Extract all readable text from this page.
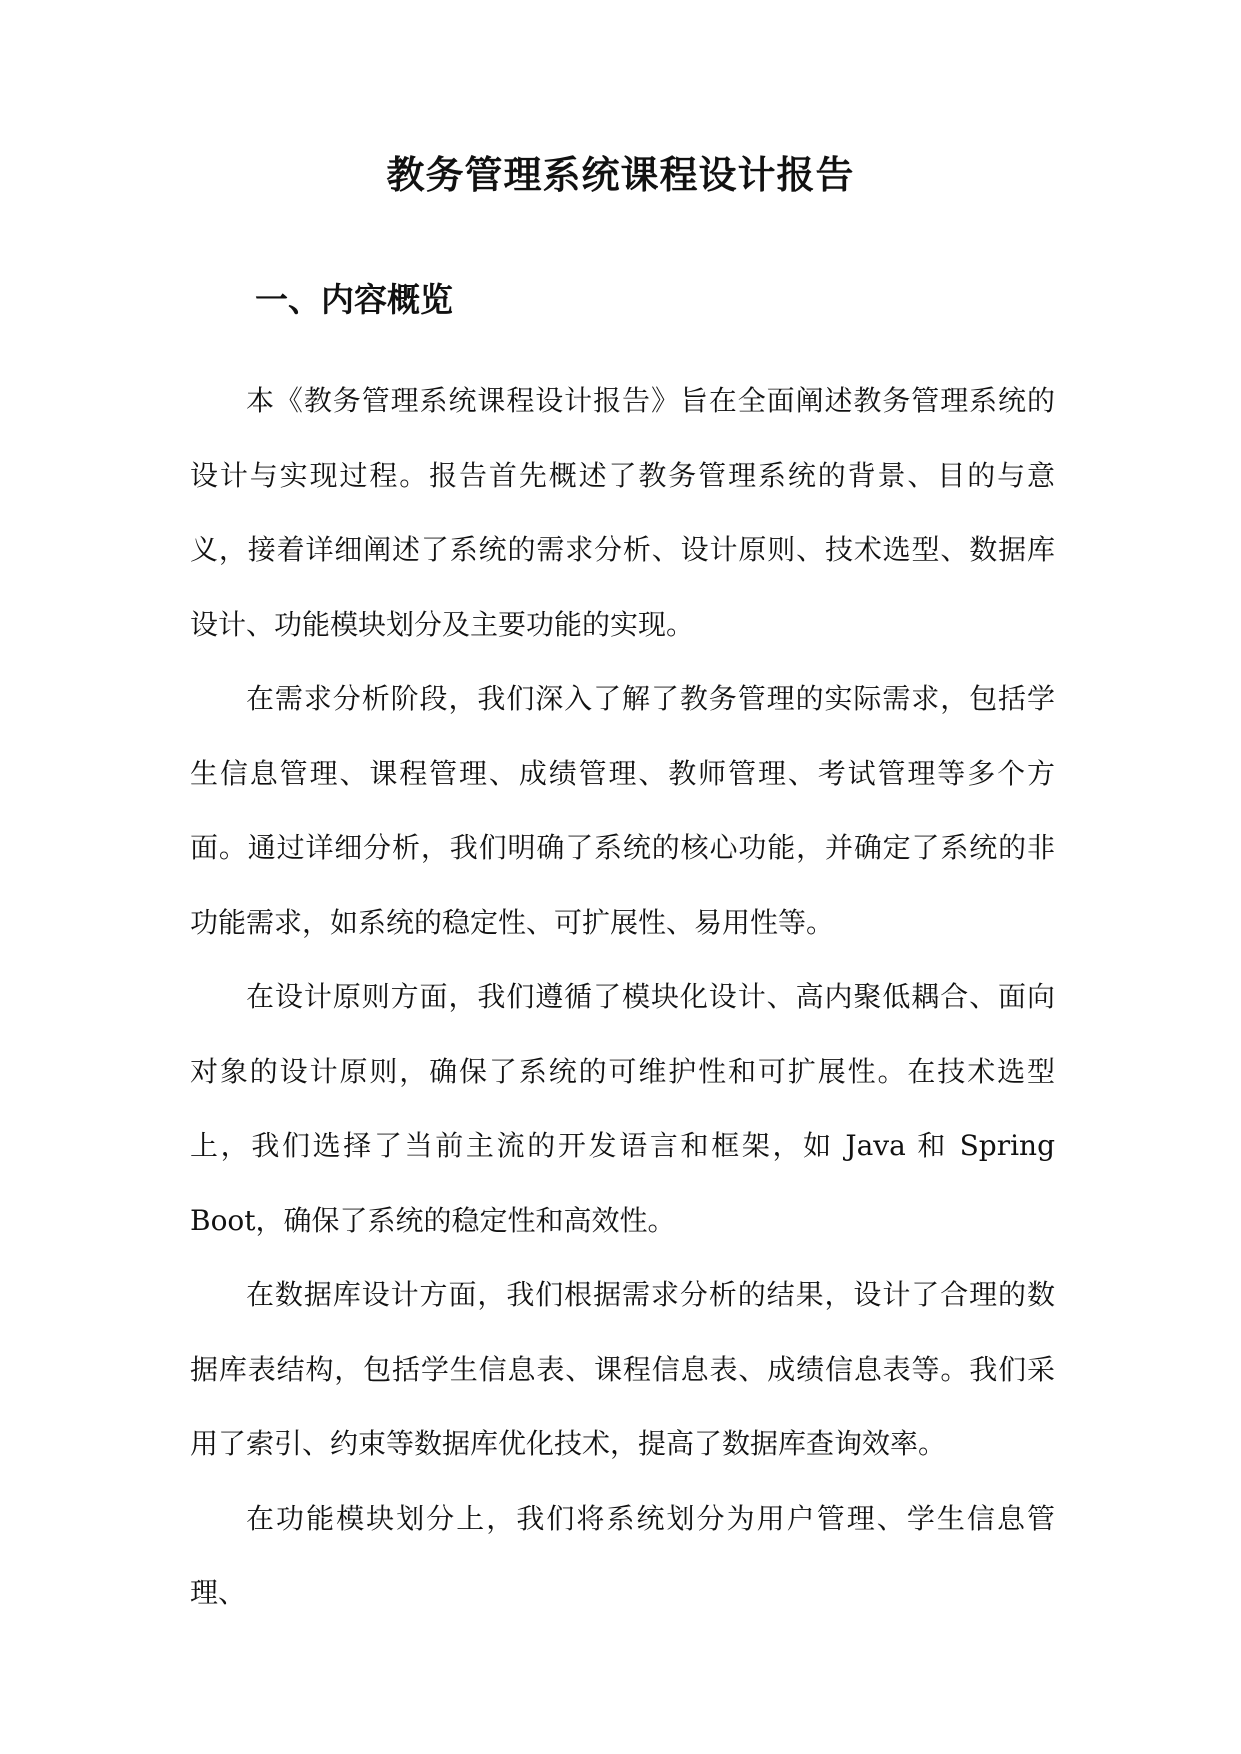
教务管理系统课程设计报告
一、内容概览

本《教务管理系统课程设计报告》旨在全面阐述教务管理系统的设计与实现过程。报告首先概述了教务管理系统的背景、目的与意义，接着详细阐述了系统的需求分析、设计原则、技术选型、数据库设计、功能模块划分及主要功能的实现。

在需求分析阶段，我们深入了解了教务管理的实际需求，包括学生信息管理、课程管理、成绩管理、教师管理、考试管理等多个方面。通过详细分析，我们明确了系统的核心功能，并确定了系统的非功能需求，如系统的稳定性、可扩展性、易用性等。

在设计原则方面，我们遵循了模块化设计、高内聚低耦合、面向对象的设计原则，确保了系统的可维护性和可扩展性。在技术选型上，我们选择了当前主流的开发语言和框架，如 Java 和 Spring Boot，确保了系统的稳定性和高效性。

在数据库设计方面，我们根据需求分析的结果，设计了合理的数据库表结构，包括学生信息表、课程信息表、成绩信息表等。我们采用了索引、约束等数据库优化技术，提高了数据库查询效率。

在功能模块划分上，我们将系统划分为用户管理、学生信息管理、
